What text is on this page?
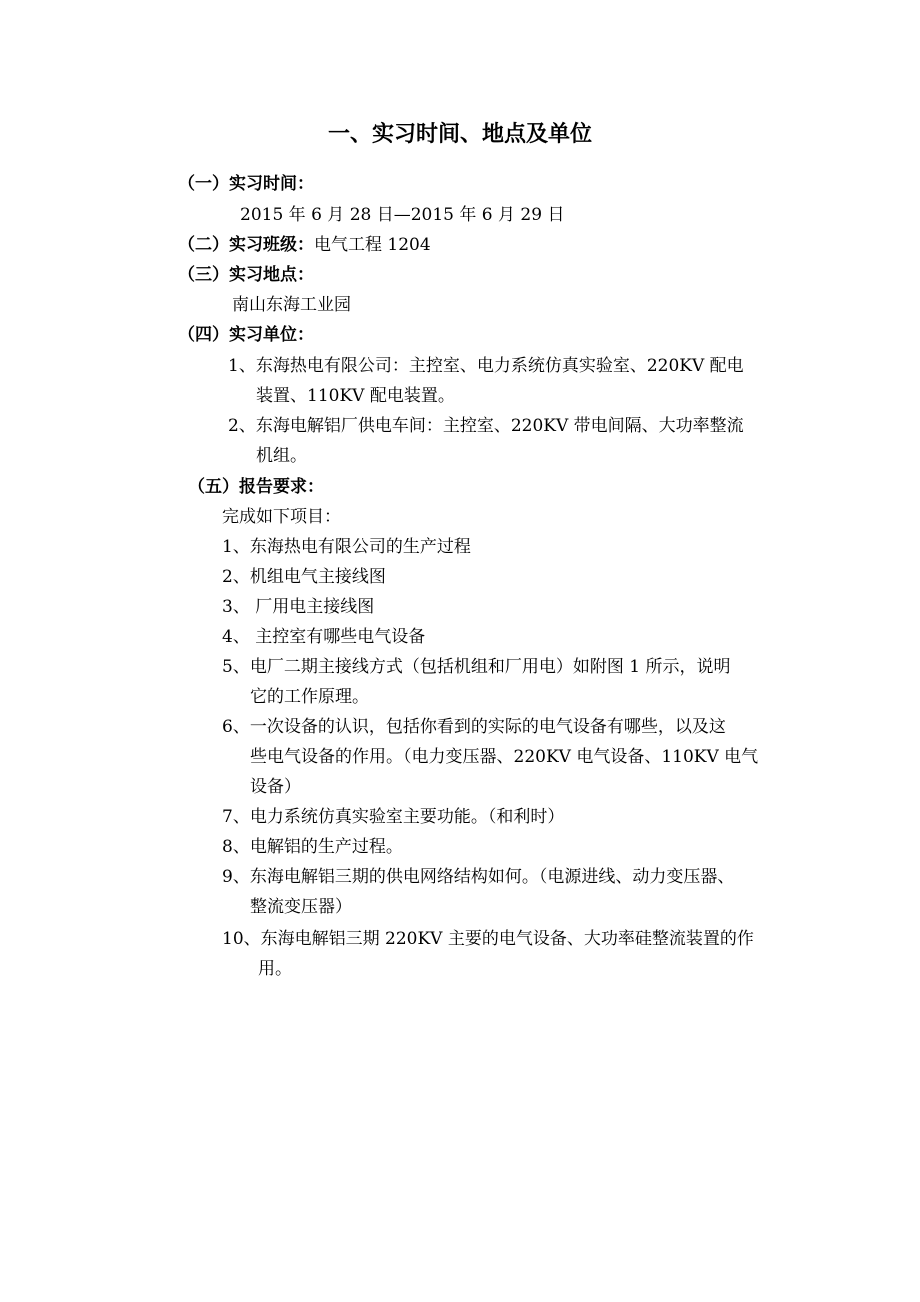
一、实习时间、地点及单位
（一）实习时间：
2015 年 6 月 28 日—2015 年 6 月 29 日
（二）实习班级：电气工程 1204
（三）实习地点：
南山东海工业园
（四）实习单位：
1、东海热电有限公司：主控室、电力系统仿真实验室、220KV 配电
装置、110KV 配电装置。
2、东海电解铝厂供电车间：主控室、220KV 带电间隔、大功率整流
机组。
（五）报告要求：
完成如下项目：
1、东海热电有限公司的生产过程
2、机组电气主接线图
3、 厂用电主接线图
4、 主控室有哪些电气设备
5、电厂二期主接线方式（包括机组和厂用电）如附图 1 所示，说明
它的工作原理。
6、一次设备的认识，包括你看到的实际的电气设备有哪些，以及这
些电气设备的作用。（电力变压器、220KV 电气设备、110KV 电气
设备）
7、电力系统仿真实验室主要功能。（和利时）
8、电解铝的生产过程。
9、东海电解铝三期的供电网络结构如何。（电源进线、动力变压器、
整流变压器）
10、东海电解铝三期 220KV 主要的电气设备、大功率硅整流装置的作
用。
